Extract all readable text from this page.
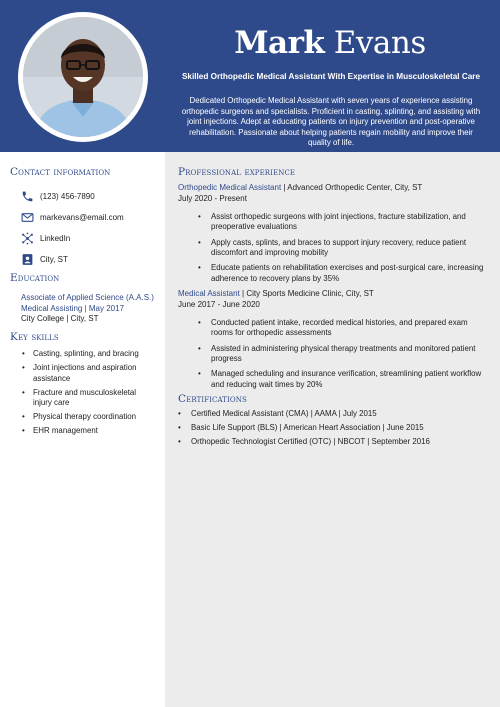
Mark Evans
Skilled Orthopedic Medical Assistant With Expertise in Musculoskeletal Care
Dedicated Orthopedic Medical Assistant with seven years of experience assisting orthopedic surgeons and specialists. Proficient in casting, splinting, and assisting with joint injections. Adept at educating patients on injury prevention and post-operative rehabilitation. Passionate about helping patients regain mobility and improve their quality of life.
Contact information
(123) 456-7890
markevans@email.com
LinkedIn
City, ST
Education
Associate of Applied Science (A.A.S.)
Medical Assisting | May 2017
City College | City, ST
Key skills
• Casting, splinting, and bracing
• Joint injections and aspiration assistance
• Fracture and musculoskeletal injury care
• Physical therapy coordination
• EHR management
Professional experience
Orthopedic Medical Assistant | Advanced Orthopedic Center, City, ST
July 2020 - Present
• Assist orthopedic surgeons with joint injections, fracture stabilization, and preoperative evaluations
• Apply casts, splints, and braces to support injury recovery, reduce patient discomfort and improving mobility
• Educate patients on rehabilitation exercises and post-surgical care, increasing adherence to recovery plans by 35%
Medical Assistant | City Sports Medicine Clinic, City, ST
June 2017 - June 2020
• Conducted patient intake, recorded medical histories, and prepared exam rooms for orthopedic assessments
• Assisted in administering physical therapy treatments and monitored patient progress
• Managed scheduling and insurance verification, streamlining patient workflow and reducing wait times by 20%
Certifications
• Certified Medical Assistant (CMA) | AAMA | July 2015
• Basic Life Support (BLS) | American Heart Association | June 2015
• Orthopedic Technologist Certified (OTC) | NBCOT | September 2016
